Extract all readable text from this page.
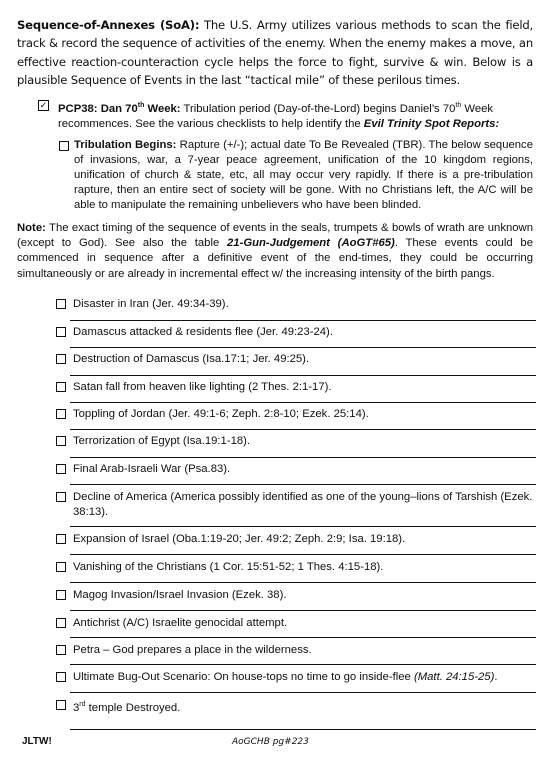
Sequence-of-Annexes (SoA): The U.S. Army utilizes various methods to scan the field, track & record the sequence of activities of the enemy. When the enemy makes a move, an effective reaction-counteraction cycle helps the force to fight, survive & win. Below is a plausible Sequence of Events in the last “tactical mile” of these perilous times.
✓ PCP38: Dan 70th Week: Tribulation period (Day-of-the-Lord) begins Daniel’s 70th Week recommences. See the various checklists to help identify the Evil Trinity Spot Reports:
Tribulation Begins: Rapture (+/-); actual date To Be Revealed (TBR). The below sequence of invasions, war, a 7-year peace agreement, unification of the 10 kingdom regions, unification of church & state, etc, all may occur very rapidly. If there is a pre-tribulation rapture, then an entire sect of society will be gone. With no Christians left, the A/C will be able to manipulate the remaining unbelievers who have been blinded.
Note: The exact timing of the sequence of events in the seals, trumpets & bowls of wrath are unknown (except to God). See also the table 21-Gun-Judgement (AoGT#65). These events could be commenced in sequence after a definitive event of the end-times, they could be occurring simultaneously or are already in incremental effect w/ the increasing intensity of the birth pangs.
Disaster in Iran (Jer. 49:34-39).
Damascus attacked & residents flee (Jer. 49:23-24).
Destruction of Damascus (Isa.17:1; Jer. 49:25).
Satan fall from heaven like lighting (2 Thes. 2:1-17).
Toppling of Jordan (Jer. 49:1-6; Zeph. 2:8-10; Ezek. 25:14).
Terrorization of Egypt (Isa.19:1-18).
Final Arab-Israeli War (Psa.83).
Decline of America (America possibly identified as one of the young–lions of Tarshish (Ezek. 38:13).
Expansion of Israel (Oba.1:19-20; Jer. 49:2; Zeph. 2:9; Isa. 19:18).
Vanishing of the Christians (1 Cor. 15:51-52; 1 Thes. 4:15-18).
Magog Invasion/Israel Invasion (Ezek. 38).
Antichrist (A/C) Israelite genocidal attempt.
Petra – God prepares a place in the wilderness.
Ultimate Bug-Out Scenario: On house-tops no time to go inside-flee (Matt. 24:15-25).
3rd temple Destroyed.
JLTW!	AoGCHB pg#223
